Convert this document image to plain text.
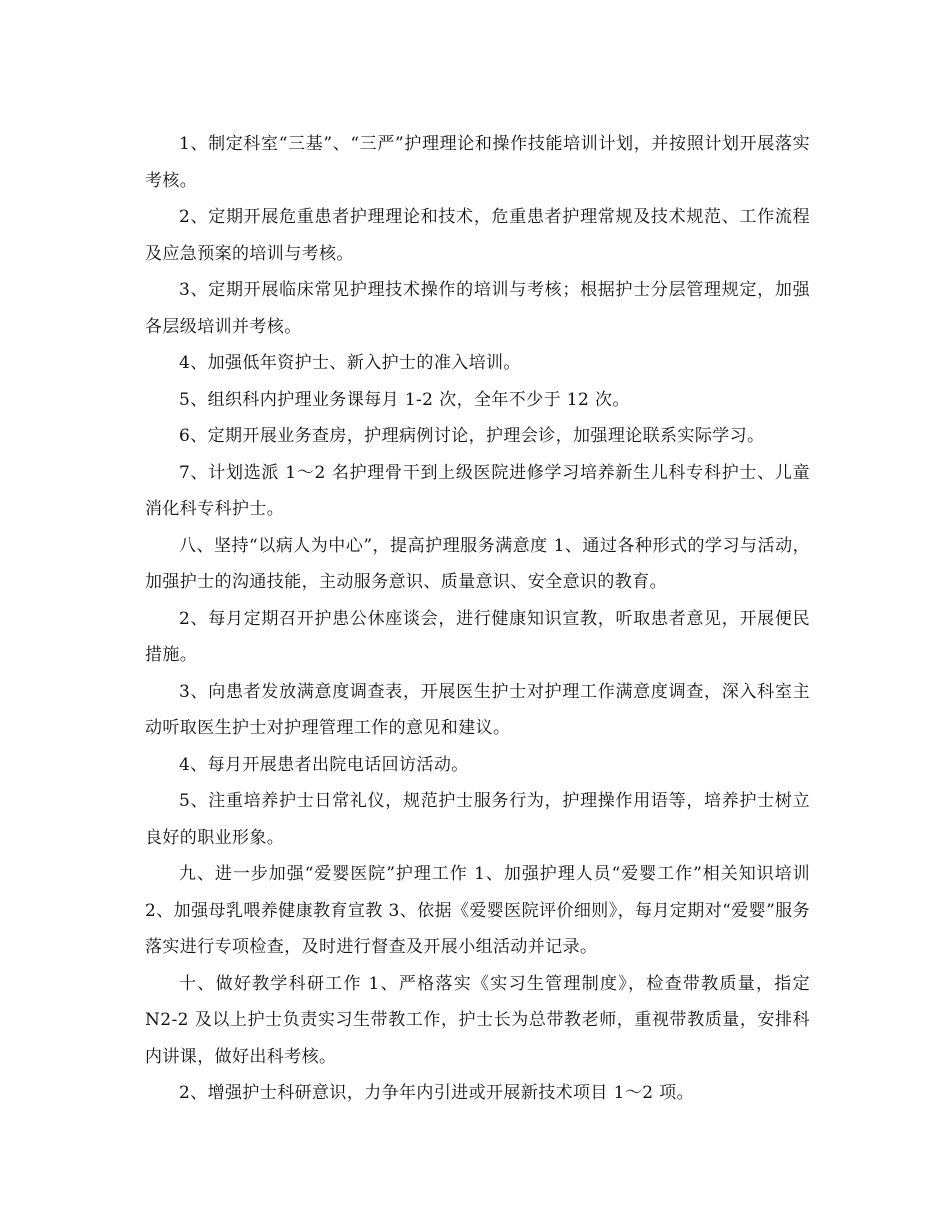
1、制定科室“三基”、“三严”护理理论和操作技能培训计划，并按照计划开展落实考核。

2、定期开展危重患者护理理论和技术，危重患者护理常规及技术规范、工作流程及应急预案的培训与考核。

3、定期开展临床常见护理技术操作的培训与考核；根据护士分层管理规定，加强各层级培训并考核。

4、加强低年资护士、新入护士的准入培训。

5、组织科内护理业务课每月 1-2 次，全年不少于 12 次。

6、定期开展业务查房，护理病例讨论，护理会诊，加强理论联系实际学习。

7、计划选派 1～2 名护理骨干到上级医院进修学习培养新生儿科专科护士、儿童消化科专科护士。

八、坚持“以病人为中心”，提高护理服务满意度 1、通过各种形式的学习与活动，加强护士的沟通技能，主动服务意识、质量意识、安全意识的教育。

2、每月定期召开护患公休座谈会，进行健康知识宣教，听取患者意见，开展便民措施。

3、向患者发放满意度调查表，开展医生护士对护理工作满意度调查，深入科室主动听取医生护士对护理管理工作的意见和建议。

4、每月开展患者出院电话回访活动。

5、注重培养护士日常礼仪，规范护士服务行为，护理操作用语等，培养护士树立良好的职业形象。

九、进一步加强“爱婴医院”护理工作 1、加强护理人员“爱婴工作”相关知识培训 2、加强母乳喂养健康教育宣教 3、依据《爱婴医院评价细则》，每月定期对“爱婴”服务落实进行专项检查，及时进行督查及开展小组活动并记录。

十、做好教学科研工作 1、严格落实《实习生管理制度》，检查带教质量，指定 N2-2 及以上护士负责实习生带教工作，护士长为总带教老师，重视带教质量，安排科内讲课，做好出科考核。

2、增强护士科研意识，力争年内引进或开展新技术项目 1～2 项。
